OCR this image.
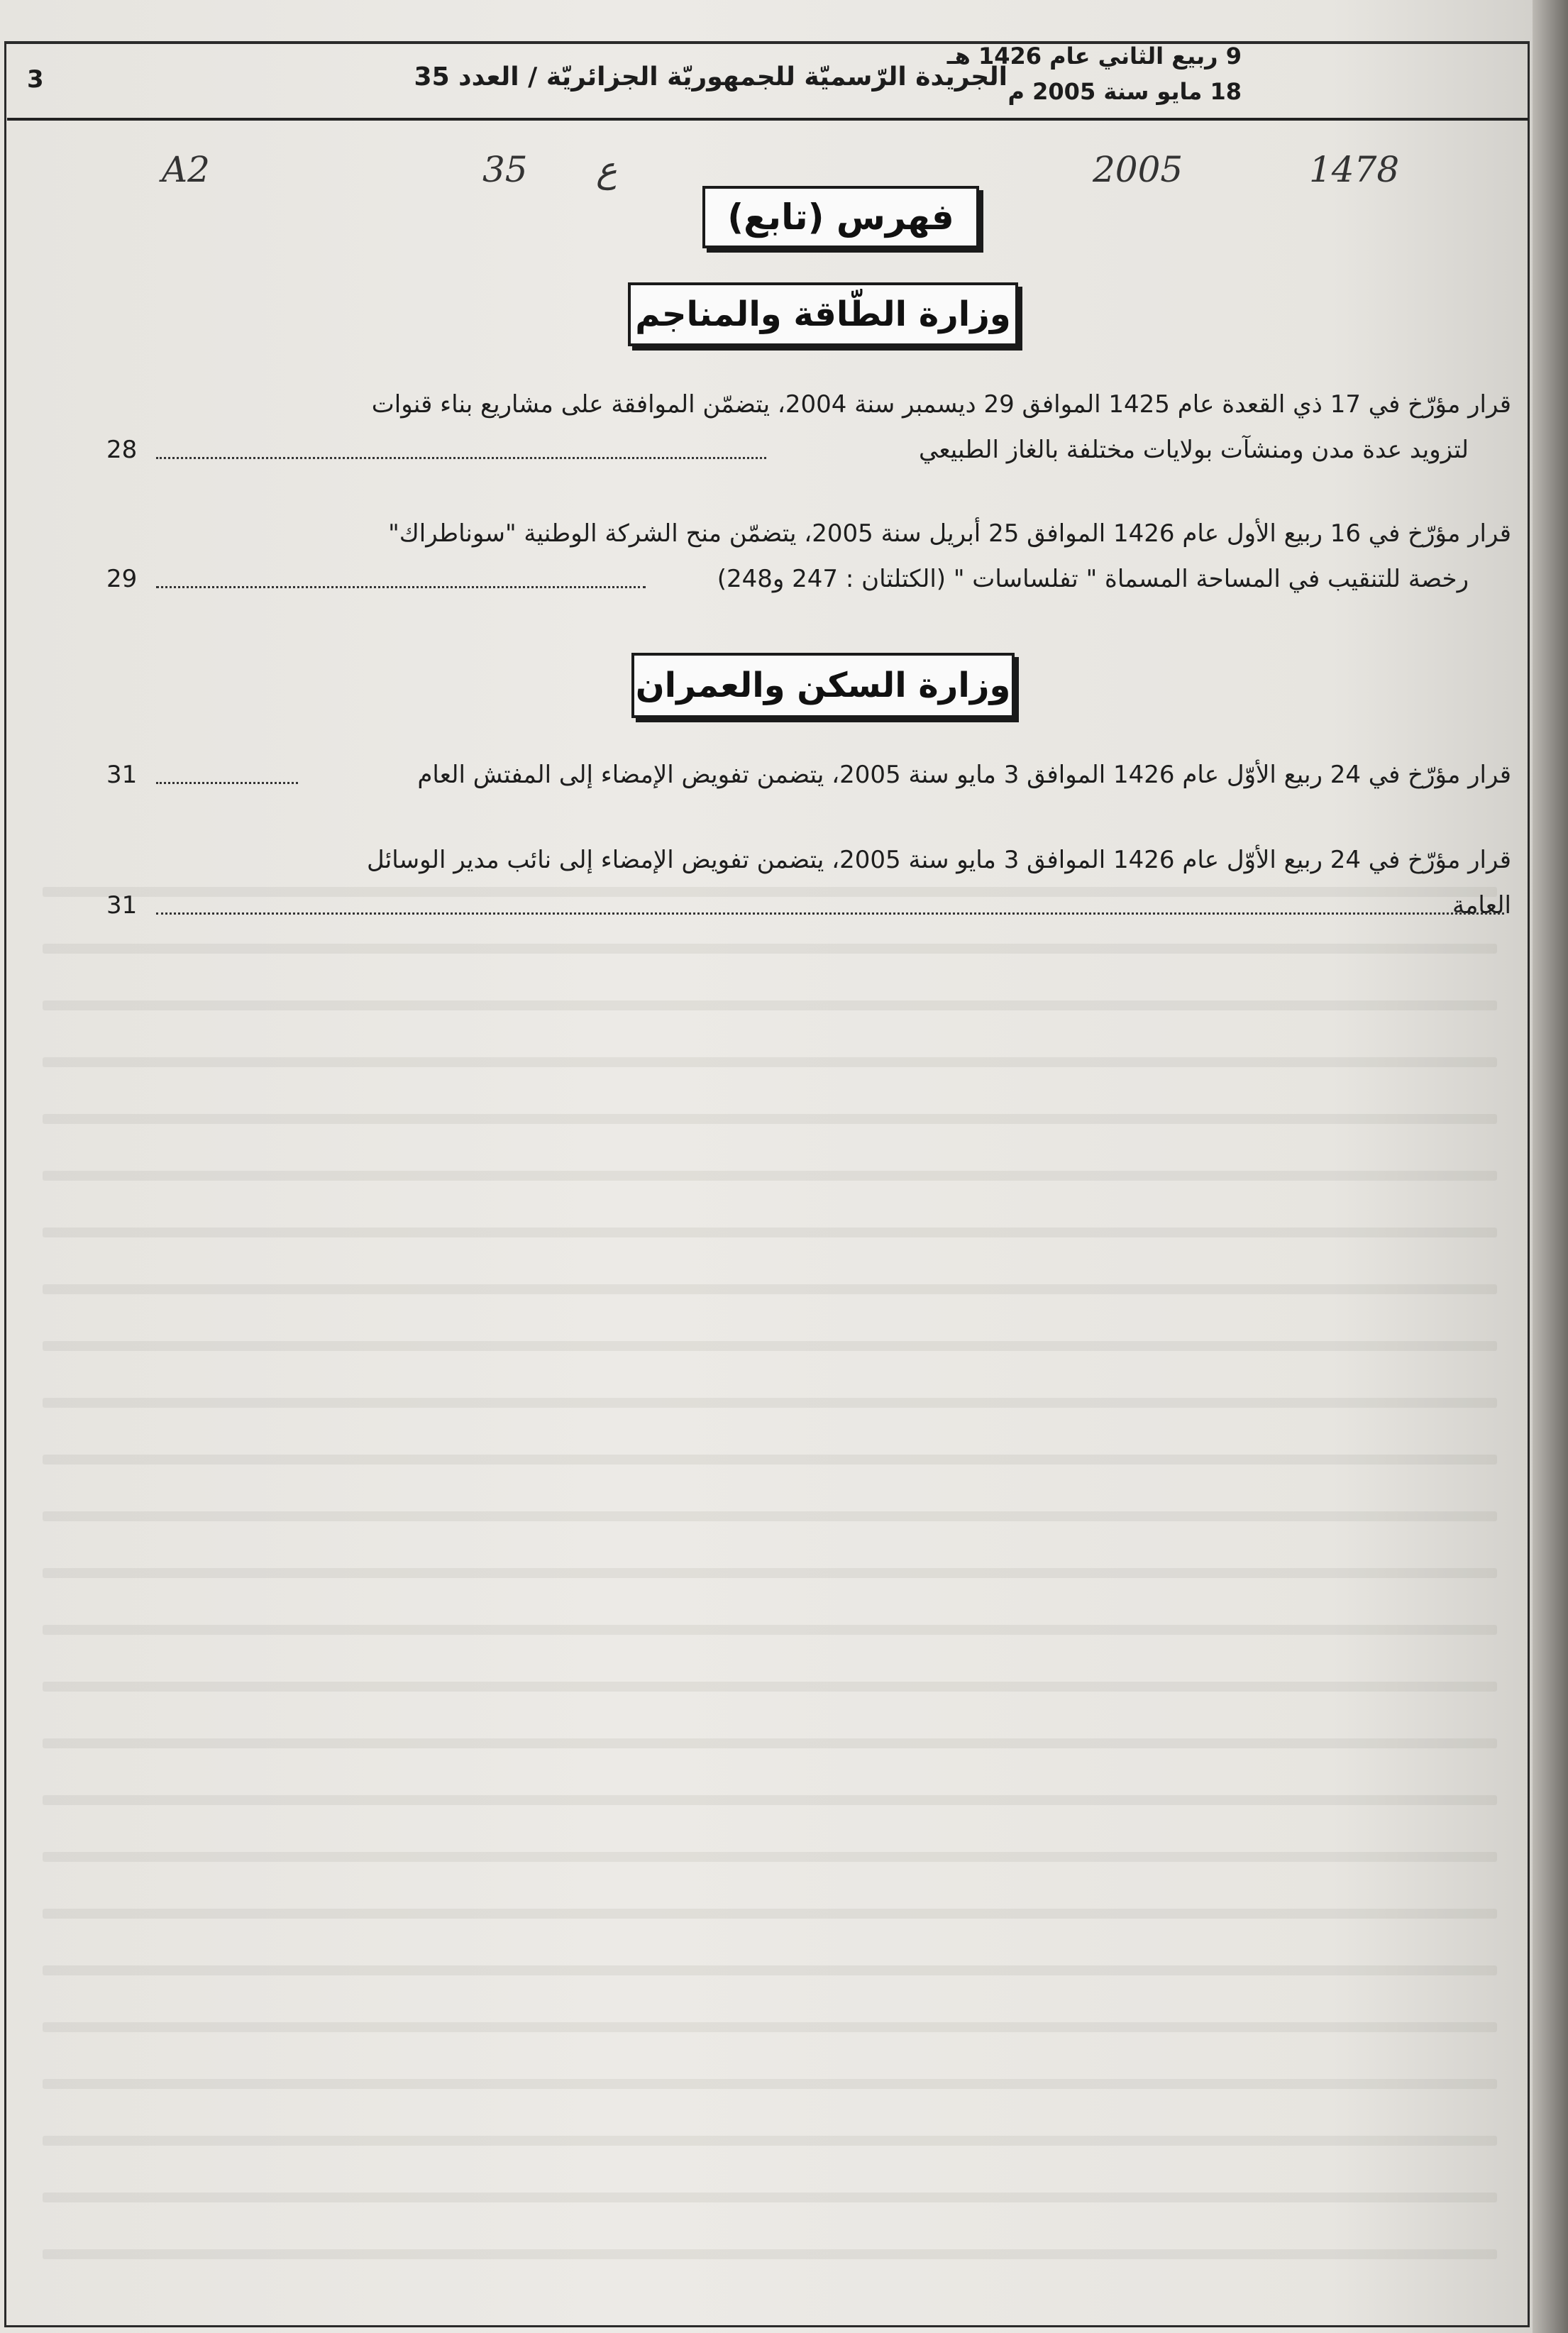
الجريدة الرّسميّة للجمهوريّة الجزائريّة / العدد 35
9 ربيع الثاني عام 1426 هـ
18 مايو سنة 2005 م
3
A2	35 ع	2005	1478
فهرس (تابع)
وزارة الطّاقة والمناجم
قرار مؤرّخ في 17 ذي القعدة عام 1425 الموافق 29 ديسمبر سنة 2004، يتضمّن الموافقة على مشاريع بناء قنوات
لتزويد عدة مدن ومنشآت بولايات مختلفة بالغاز الطبيعي
28
قرار مؤرّخ في 16 ربيع الأول عام 1426 الموافق 25 أبريل سنة 2005، يتضمّن منح الشركة الوطنية "سوناطراك"
رخصة للتنقيب في المساحة المسماة " تفلساسات " (الكتلتان : 247 و248)
29
وزارة السكن والعمران
قرار مؤرّخ في 24 ربيع الأوّل عام 1426 الموافق 3 مايو سنة 2005، يتضمن تفويض الإمضاء إلى المفتش العام
31
قرار مؤرّخ في 24 ربيع الأوّل عام 1426 الموافق 3 مايو سنة 2005، يتضمن تفويض الإمضاء إلى نائب مدير الوسائل
العامة
31
